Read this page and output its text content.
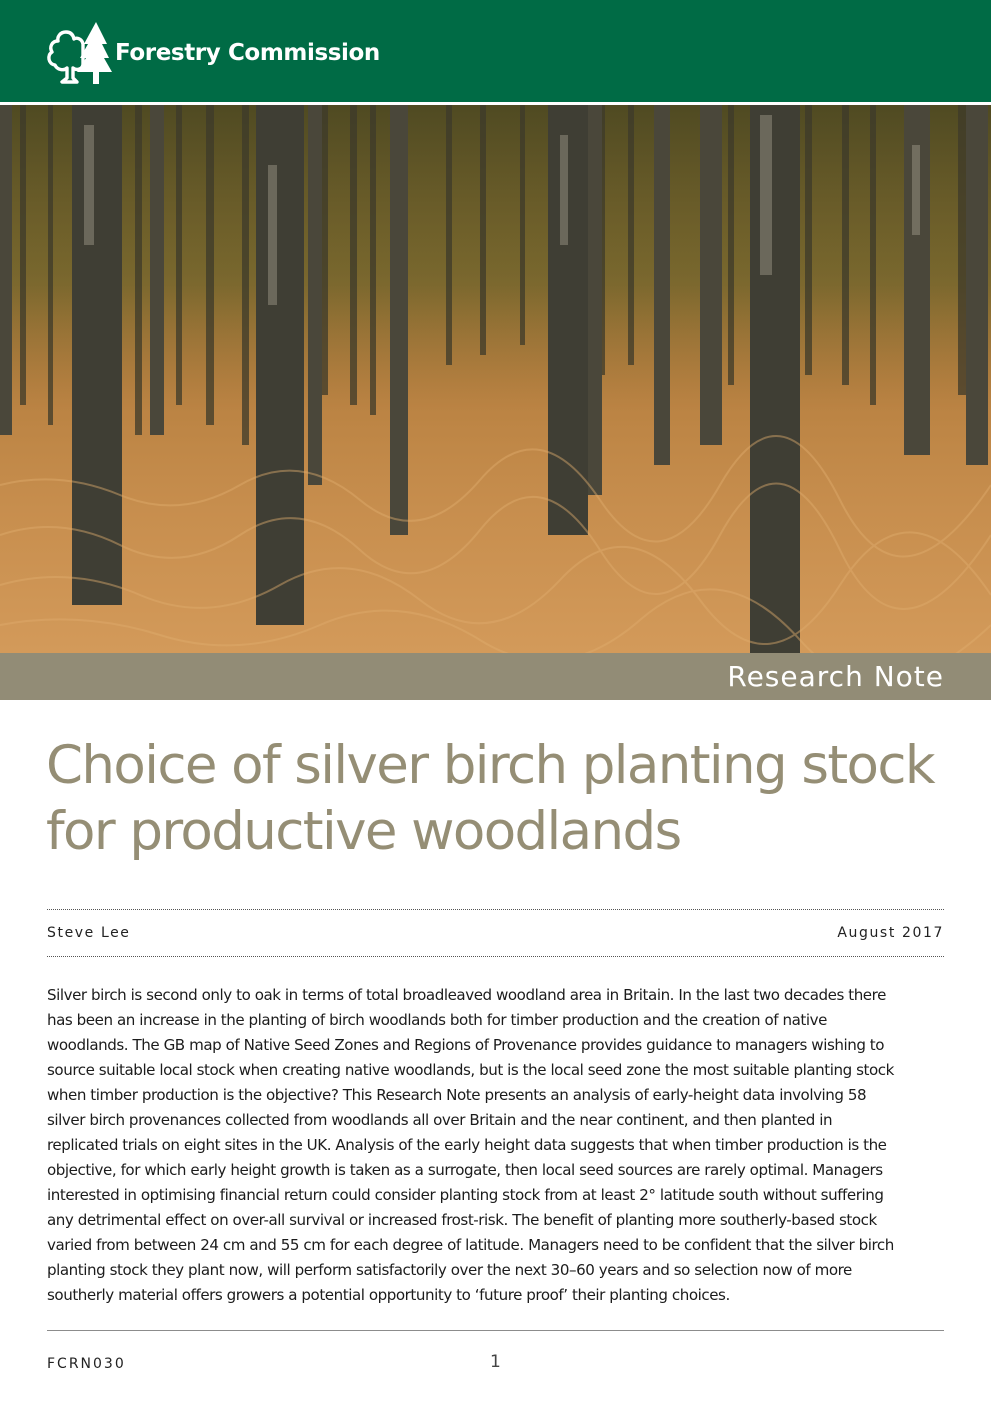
Forestry Commission
Research Note
Choice of silver birch planting stock
for productive woodlands
Steve Lee	August 2017
Silver birch is second only to oak in terms of total broadleaved woodland area in Britain. In the last two decades there
has been an increase in the planting of birch woodlands both for timber production and the creation of native
woodlands. The GB map of Native Seed Zones and Regions of Provenance provides guidance to managers wishing to
source suitable local stock when creating native woodlands, but is the local seed zone the most suitable planting stock
when timber production is the objective? This Research Note presents an analysis of early-height data involving 58
silver birch provenances collected from woodlands all over Britain and the near continent, and then planted in
replicated trials on eight sites in the UK. Analysis of the early height data suggests that when timber production is the
objective, for which early height growth is taken as a surrogate, then local seed sources are rarely optimal. Managers
interested in optimising financial return could consider planting stock from at least 2° latitude south without suffering
any detrimental effect on over-all survival or increased frost-risk. The benefit of planting more southerly-based stock
varied from between 24 cm and 55 cm for each degree of latitude. Managers need to be confident that the silver birch
planting stock they plant now, will perform satisfactorily over the next 30–60 years and so selection now of more
southerly material offers growers a potential opportunity to ‘future proof’ their planting choices.
FCRN030	1
